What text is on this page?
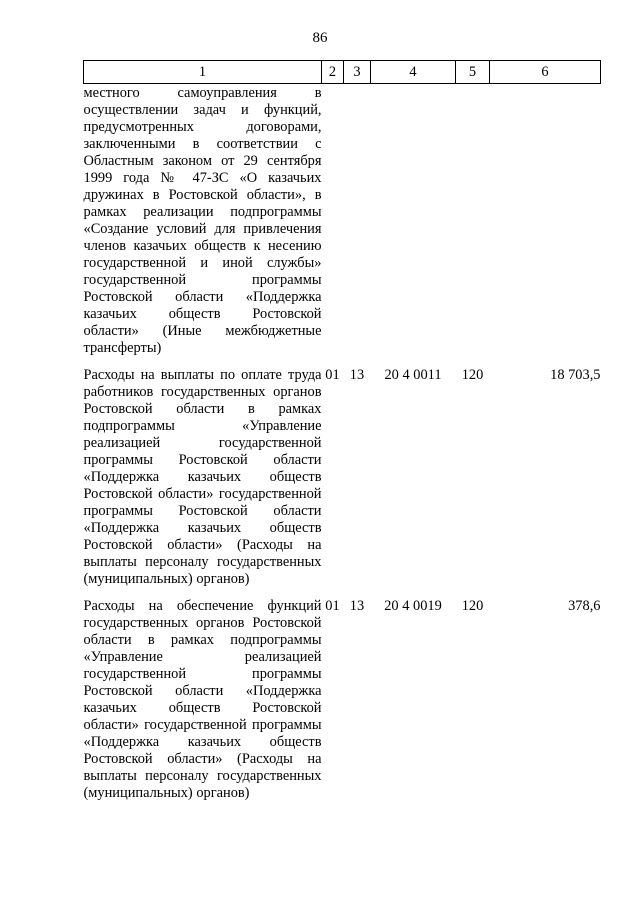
86
1	2	3	4	5	6
местного самоуправления в осуществлении задач и функций, предусмотренных договорами, заключенными в соответствии с Областным законом от 29 сентября 1999 года № 47-ЗС «О казачьих дружинах в Ростовской области», в рамках реализации подпрограммы «Создание условий для привлечения членов казачьих обществ к несению государственной и иной службы» государственной программы Ростовской области «Поддержка казачьих обществ Ростовской области» (Иные межбюджетные трансферты)					
Расходы на выплаты по оплате труда работников государственных органов Ростовской области в рамках подпрограммы «Управление реализацией государственной программы Ростовской области «Поддержка казачьих обществ Ростовской области» государственной программы Ростовской области «Поддержка казачьих обществ Ростовской области» (Расходы на выплаты персоналу государственных (муниципальных) органов)	01	13	20 4 0011	120	18 703,5
Расходы на обеспечение функций государственных органов Ростовской области в рамках подпрограммы «Управление реализацией государственной программы Ростовской области «Поддержка казачьих обществ Ростовской области» государственной программы «Поддержка казачьих обществ Ростовской области» (Расходы на выплаты персоналу государственных (муниципальных) органов)	01	13	20 4 0019	120	378,6
